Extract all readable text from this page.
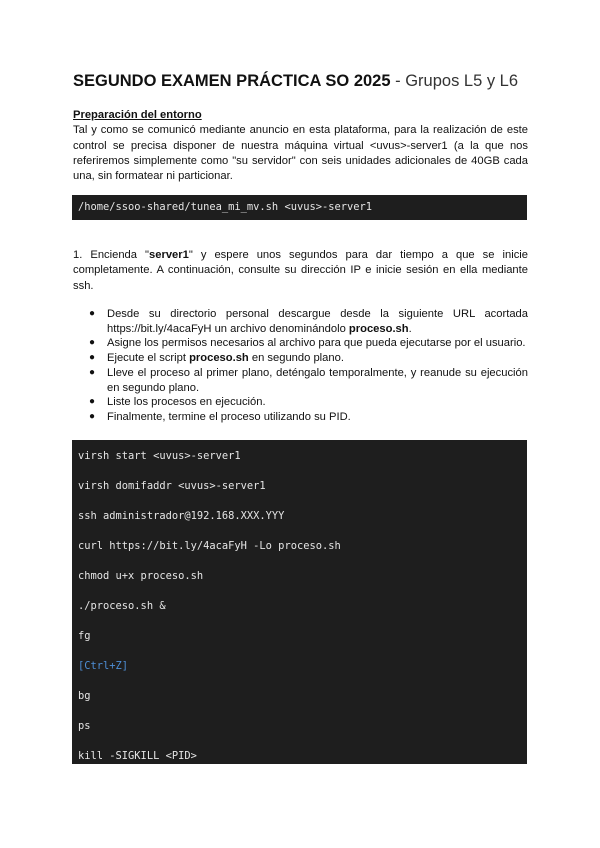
SEGUNDO EXAMEN PRÁCTICA SO 2025 - Grupos L5 y L6
Preparación del entorno
Tal y como se comunicó mediante anuncio en esta plataforma, para la realización de este control se precisa disponer de nuestra máquina virtual <uvus>-server1 (a la que nos referiremos simplemente como "su servidor" con seis unidades adicionales de 40GB cada una, sin formatear ni particionar.
/home/ssoo-shared/tunea_mi_mv.sh <uvus>-server1
1. Encienda "server1" y espere unos segundos para dar tiempo a que se inicie completamente. A continuación, consulte su dirección IP e inicie sesión en ella mediante ssh.
● Desde su directorio personal descargue desde la siguiente URL acortada https://bit.ly/4acaFyH un archivo denominándolo proceso.sh.
● Asigne los permisos necesarios al archivo para que pueda ejecutarse por el usuario.
● Ejecute el script proceso.sh en segundo plano.
● Lleve el proceso al primer plano, deténgalo temporalmente, y reanude su ejecución en segundo plano.
● Liste los procesos en ejecución.
● Finalmente, termine el proceso utilizando su PID.
virsh start <uvus>-server1
virsh domifaddr <uvus>-server1
ssh administrador@192.168.XXX.YYY
curl https://bit.ly/4acaFyH -Lo proceso.sh
chmod u+x proceso.sh
./proceso.sh &
fg
[Ctrl+Z]
bg
ps
kill -SIGKILL <PID>
